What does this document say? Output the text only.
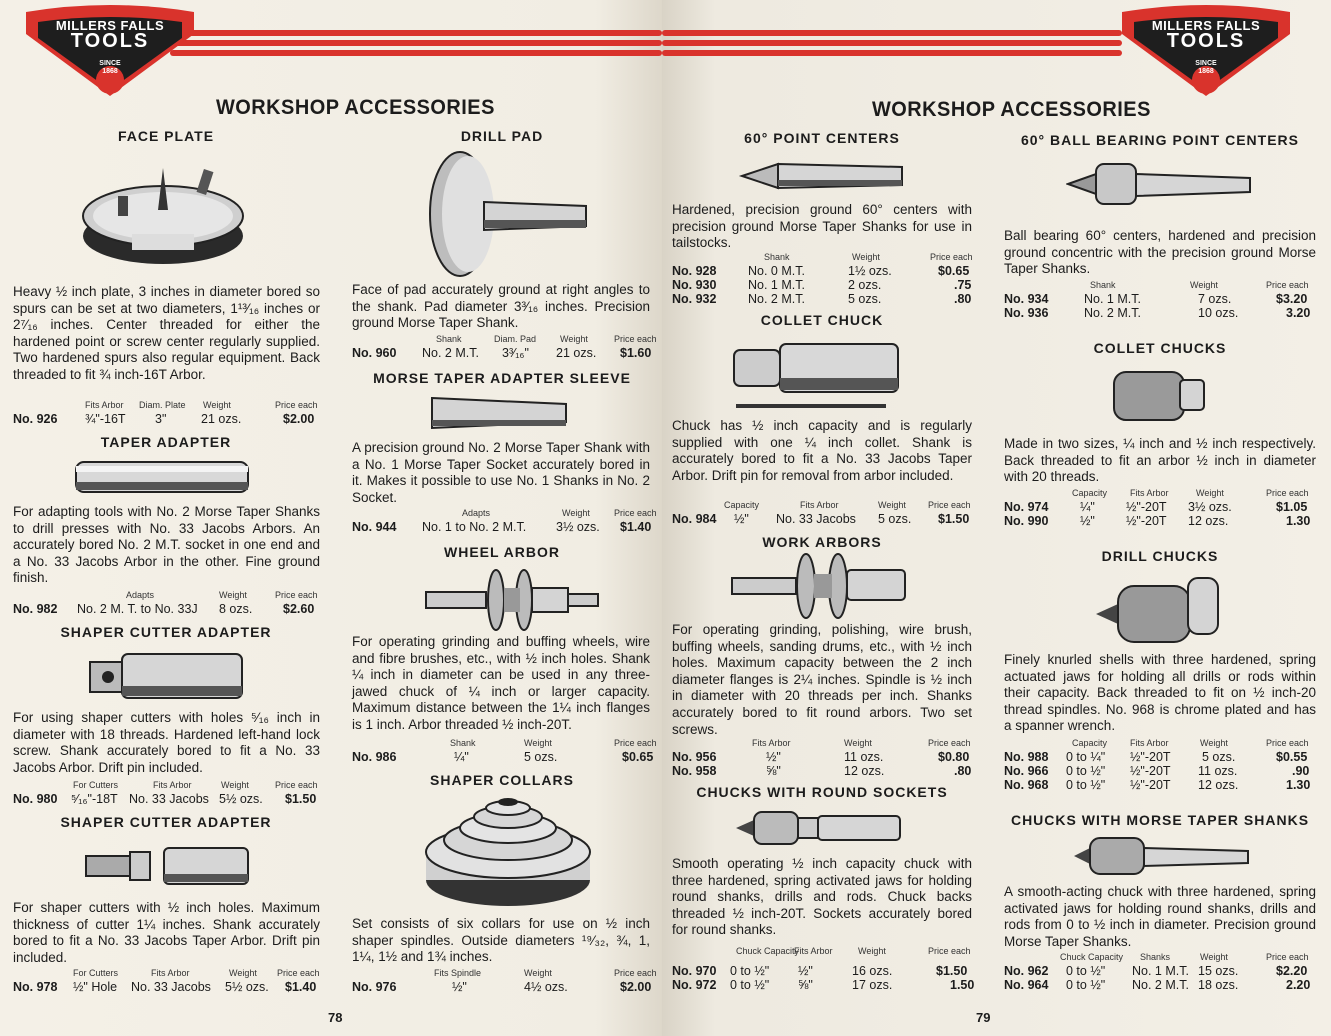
MILLERS FALLS
TOOLS
SINCE
1868
WORKSHOP ACCESSORIES
FACE PLATE
Heavy ½ inch plate, 3 inches in diameter bored so spurs can be set at two diameters, 1¹³⁄₁₆ inches or 2⁷⁄₁₆ inches. Center threaded for either the hardened point or screw center regularly supplied. Two hardened spurs also regular equipment. Back threaded to fit ¾ inch-16T Arbor.
Fits Arbor Diam. Plate Weight	Price each
No. 926 ¾"-16T 3"	21 ozs.	$2.00
TAPER ADAPTER
For adapting tools with No. 2 Morse Taper Shanks to drill presses with No. 33 Jacobs Arbors. An accurately bored No. 2 M.T. socket in one end and a No. 33 Jacobs Arbor in the other. Fine ground finish.
Adapts	Weight	Price each
No. 982 No. 2 M. T. to No. 33J 8 ozs. $2.60
SHAPER CUTTER ADAPTER
For using shaper cutters with holes ⁵⁄₁₆ inch in diameter with 18 threads. Hardened left-hand lock screw. Shank accurately bored to fit a No. 33 Jacobs Arbor. Drift pin included.
For Cutters	Fits Arbor	Weight	Price each
No. 980 ⁵⁄₁₆"-18T No. 33 Jacobs 5½ ozs. $1.50
SHAPER CUTTER ADAPTER
For shaper cutters with ½ inch holes. Maximum thickness of cutter 1¼ inches. Shank accurately bored to fit a No. 33 Jacobs Taper Arbor. Drift pin included.
For Cutters	Fits Arbor	Weight Price each
No. 978 ½" Hole No. 33 Jacobs 5½ ozs. $1.40
DRILL PAD
Face of pad accurately ground at right angles to the shank. Pad diameter 3³⁄₁₆ inches. Precision ground Morse Taper Shank.
Shank	Diam. Pad	Weight	Price each
No. 960 No. 2 M.T. 3³⁄₁₆" 21 ozs. $1.60
MORSE TAPER ADAPTER SLEEVE
A precision ground No. 2 Morse Taper Shank with a No. 1 Morse Taper Socket accurately bored in it. Makes it possible to use No. 1 Shanks in No. 2 Socket.
Adapts	Weight	Price each
No. 944 No. 1 to No. 2 M.T. 3½ ozs. $1.40
WHEEL ARBOR
For operating grinding and buffing wheels, wire and fibre brushes, etc., with ½ inch holes. Shank ¼ inch in diameter can be used in any three-jawed chuck of ¼ inch or larger capacity. Maximum distance between the 1¼ inch flanges is 1 inch. Arbor threaded ½ inch-20T.
Shank	Weight	Price each
No. 986	¼"	5 ozs.	$0.65
SHAPER COLLARS
Set consists of six collars for use on ½ inch shaper spindles. Outside diameters ¹⁹⁄₃₂, ¾, 1, 1¼, 1½ and 1¾ inches.
Fits Spindle	Weight	Price each
No. 976	½"	4½ ozs.	$2.00
78
MILLERS FALLS
TOOLS
SINCE
1868
WORKSHOP ACCESSORIES
60° POINT CENTERS
Hardened, precision ground 60° centers with precision ground Morse Taper Shanks for use in tailstocks.
Shank	Weight	Price each
No. 928	No. 0 M.T.	1½ ozs.	$0.65
No. 930	No. 1 M.T.	2 ozs.	.75
No. 932	No. 2 M.T.	5 ozs.	.80
COLLET CHUCK
Chuck has ½ inch capacity and is regularly supplied with one ¼ inch collet. Shank is accurately bored to fit a No. 33 Jacobs Taper Arbor. Drift pin for removal from arbor included.
Capacity	Fits Arbor	Weight Price each
No. 984 ½" No. 33 Jacobs 5 ozs. $1.50
WORK ARBORS
For operating grinding, polishing, wire brush, buffing wheels, sanding drums, etc., with ½ inch holes. Maximum capacity between the 2 inch diameter flanges is 2¼ inches. Spindle is ½ inch in diameter with 20 threads per inch. Shanks accurately bored to fit round arbors. Two set screws.
Fits Arbor	Weight	Price each
No. 956	½"	11 ozs.	$0.80
No. 958	⅝"	12 ozs.	.80
CHUCKS WITH ROUND SOCKETS
Smooth operating ½ inch capacity chuck with three hardened, spring activated jaws for holding round shanks, drills and rods. Chuck backs threaded ½ inch-20T. Sockets accurately bored for round shanks.
Chuck Capacity
Fits Arbor	Weight	Price each
No. 970 0 to ½" ½"	16 ozs.	$1.50
No. 972 0 to ½" ⅝"	17 ozs.	1.50
60° BALL BEARING POINT CENTERS
Ball bearing 60° centers, hardened and precision ground concentric with the precision ground Morse Taper Shanks.
Shank	Weight	Price each
No. 934	No. 1 M.T.	7 ozs.	$3.20
No. 936	No. 2 M.T.	10 ozs.	3.20
COLLET CHUCKS
Made in two sizes, ¼ inch and ½ inch respectively. Back threaded to fit an arbor ½ inch in diameter with 20 threads.
Capacity	Fits Arbor	Weight	Price each
No. 974	¼" ½"-20T 3½ ozs.	$1.05
No. 990	½" ½"-20T 12 ozs.	1.30
DRILL CHUCKS
Finely knurled shells with three hardened, spring actuated jaws for holding all drills or rods within their capacity. Back threaded to fit on ½ inch-20 thread spindles. No. 968 is chrome plated and has a spanner wrench.
Capacity	Fits Arbor	Weight	Price each
No. 988 0 to ¼" ½"-20T	5 ozs.	$0.55
No. 966 0 to ½" ½"-20T 11 ozs.	.90
No. 968 0 to ½" ½"-20T 12 ozs.	1.30
CHUCKS WITH MORSE TAPER SHANKS
A smooth-acting chuck with three hardened, spring activated jaws for holding round shanks, drills and rods from 0 to ½ inch in diameter. Precision ground Morse Taper Shanks.
Chuck Capacity Shanks	Weight	Price each
No. 962 0 to ½" No. 1 M.T. 15 ozs.	$2.20
No. 964 0 to ½" No. 2 M.T. 18 ozs.	2.20
79
